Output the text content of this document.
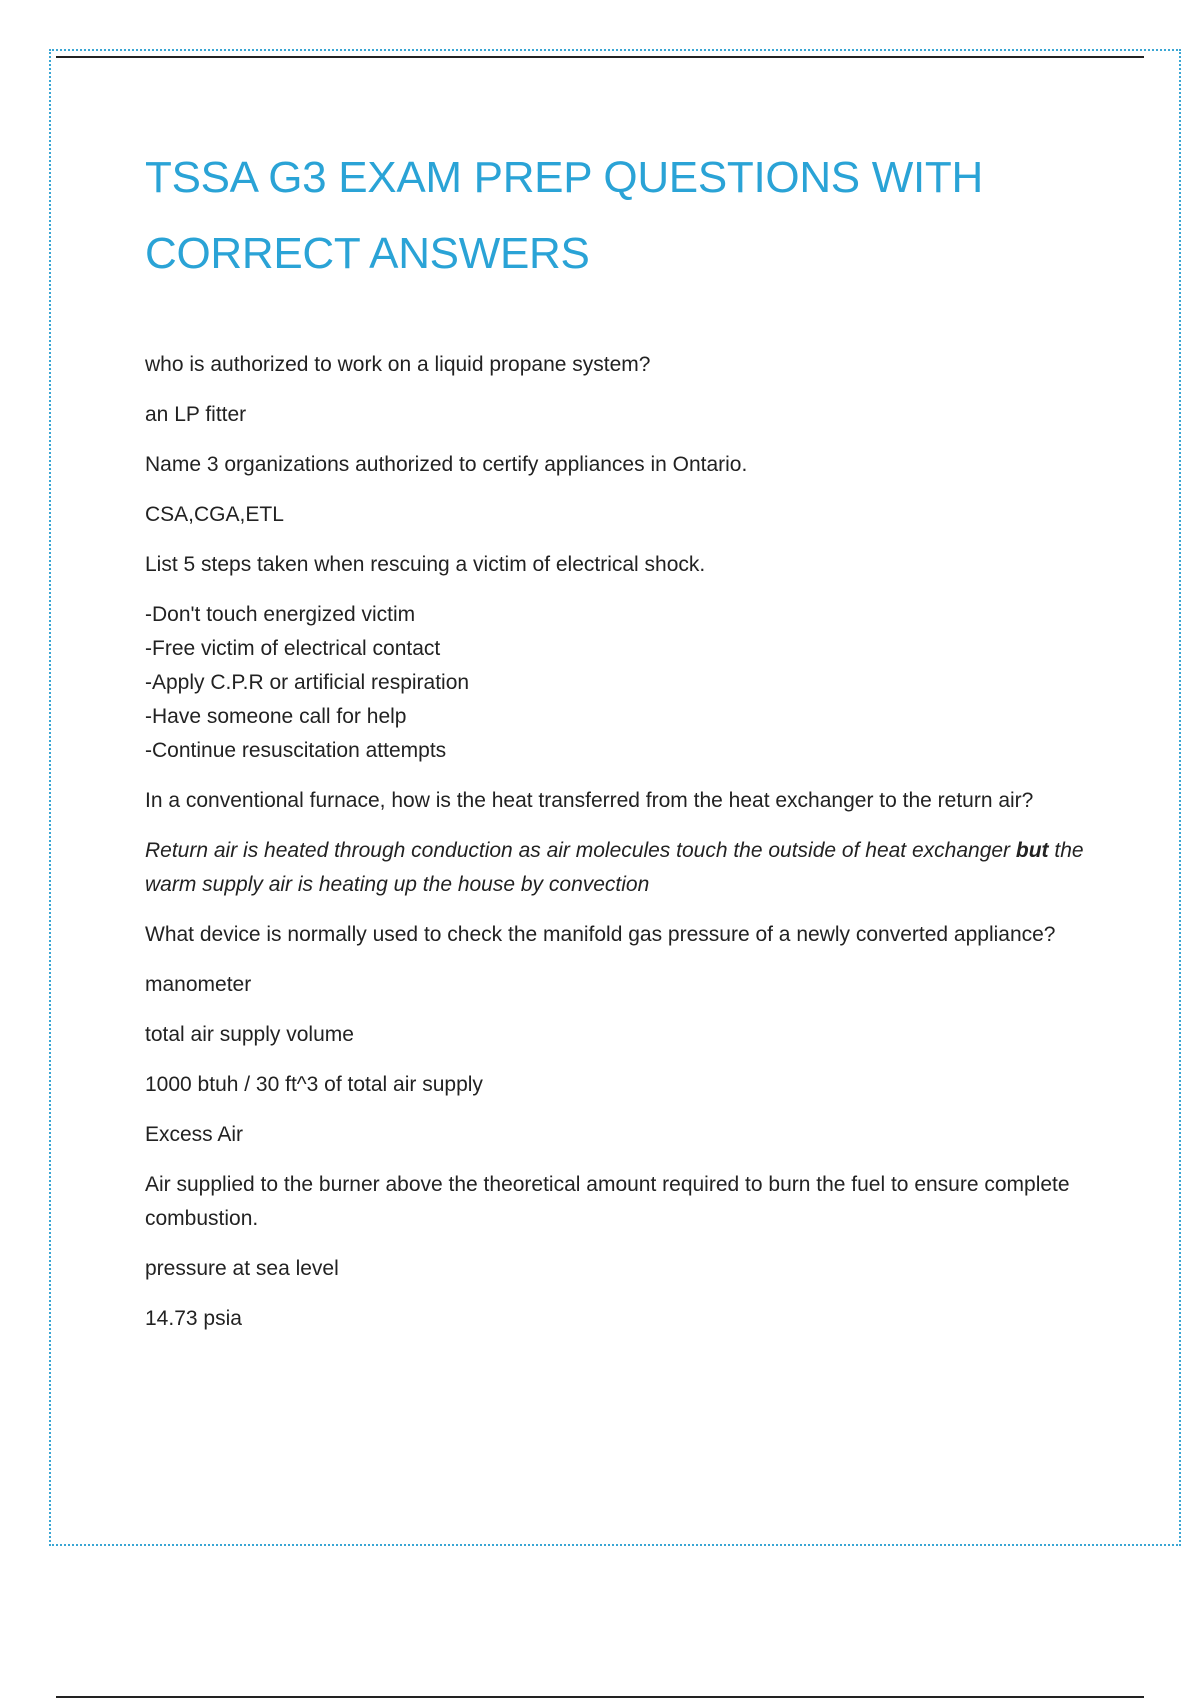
TSSA G3 EXAM PREP QUESTIONS WITH
CORRECT ANSWERS

who is authorized to work on a liquid propane system?

an LP fitter

Name 3 organizations authorized to certify appliances in Ontario.

CSA,CGA,ETL

List 5 steps taken when rescuing a victim of electrical shock.

-Don't touch energized victim
-Free victim of electrical contact
-Apply C.P.R or artificial respiration
-Have someone call for help
-Continue resuscitation attempts

In a conventional furnace, how is the heat transferred from the heat exchanger to the return air?

Return air is heated through conduction as air molecules touch the outside of heat exchanger but the warm supply air is heating up the house by convection

What device is normally used to check the manifold gas pressure of a newly converted appliance?

manometer

total air supply volume

1000 btuh / 30 ft^3 of total air supply

Excess Air

Air supplied to the burner above the theoretical amount required to burn the fuel to ensure complete combustion.

pressure at sea level

14.73 psia
